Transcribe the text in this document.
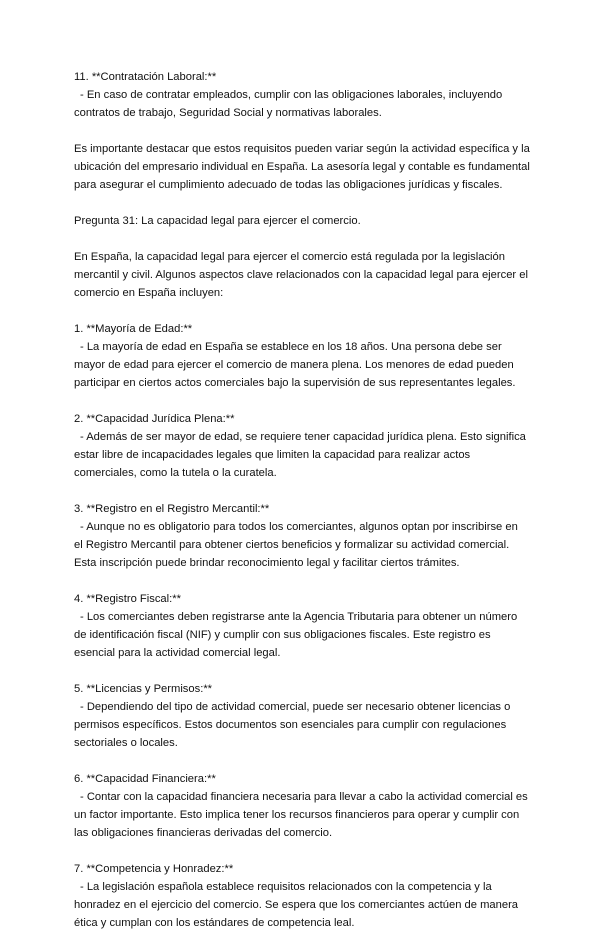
11. **Contratación Laboral:**
- En caso de contratar empleados, cumplir con las obligaciones laborales, incluyendo
contratos de trabajo, Seguridad Social y normativas laborales.
Es importante destacar que estos requisitos pueden variar según la actividad específica y la
ubicación del empresario individual en España. La asesoría legal y contable es fundamental
para asegurar el cumplimiento adecuado de todas las obligaciones jurídicas y fiscales.
Pregunta 31: La capacidad legal para ejercer el comercio.
En España, la capacidad legal para ejercer el comercio está regulada por la legislación
mercantil y civil. Algunos aspectos clave relacionados con la capacidad legal para ejercer el
comercio en España incluyen:
1. **Mayoría de Edad:**
- La mayoría de edad en España se establece en los 18 años. Una persona debe ser
mayor de edad para ejercer el comercio de manera plena. Los menores de edad pueden
participar en ciertos actos comerciales bajo la supervisión de sus representantes legales.
2. **Capacidad Jurídica Plena:**
- Además de ser mayor de edad, se requiere tener capacidad jurídica plena. Esto significa
estar libre de incapacidades legales que limiten la capacidad para realizar actos
comerciales, como la tutela o la curatela.
3. **Registro en el Registro Mercantil:**
- Aunque no es obligatorio para todos los comerciantes, algunos optan por inscribirse en
el Registro Mercantil para obtener ciertos beneficios y formalizar su actividad comercial.
Esta inscripción puede brindar reconocimiento legal y facilitar ciertos trámites.
4. **Registro Fiscal:**
- Los comerciantes deben registrarse ante la Agencia Tributaria para obtener un número
de identificación fiscal (NIF) y cumplir con sus obligaciones fiscales. Este registro es
esencial para la actividad comercial legal.
5. **Licencias y Permisos:**
- Dependiendo del tipo de actividad comercial, puede ser necesario obtener licencias o
permisos específicos. Estos documentos son esenciales para cumplir con regulaciones
sectoriales o locales.
6. **Capacidad Financiera:**
- Contar con la capacidad financiera necesaria para llevar a cabo la actividad comercial es
un factor importante. Esto implica tener los recursos financieros para operar y cumplir con
las obligaciones financieras derivadas del comercio.
7. **Competencia y Honradez:**
- La legislación española establece requisitos relacionados con la competencia y la
honradez en el ejercicio del comercio. Se espera que los comerciantes actúen de manera
ética y cumplan con los estándares de competencia leal.
